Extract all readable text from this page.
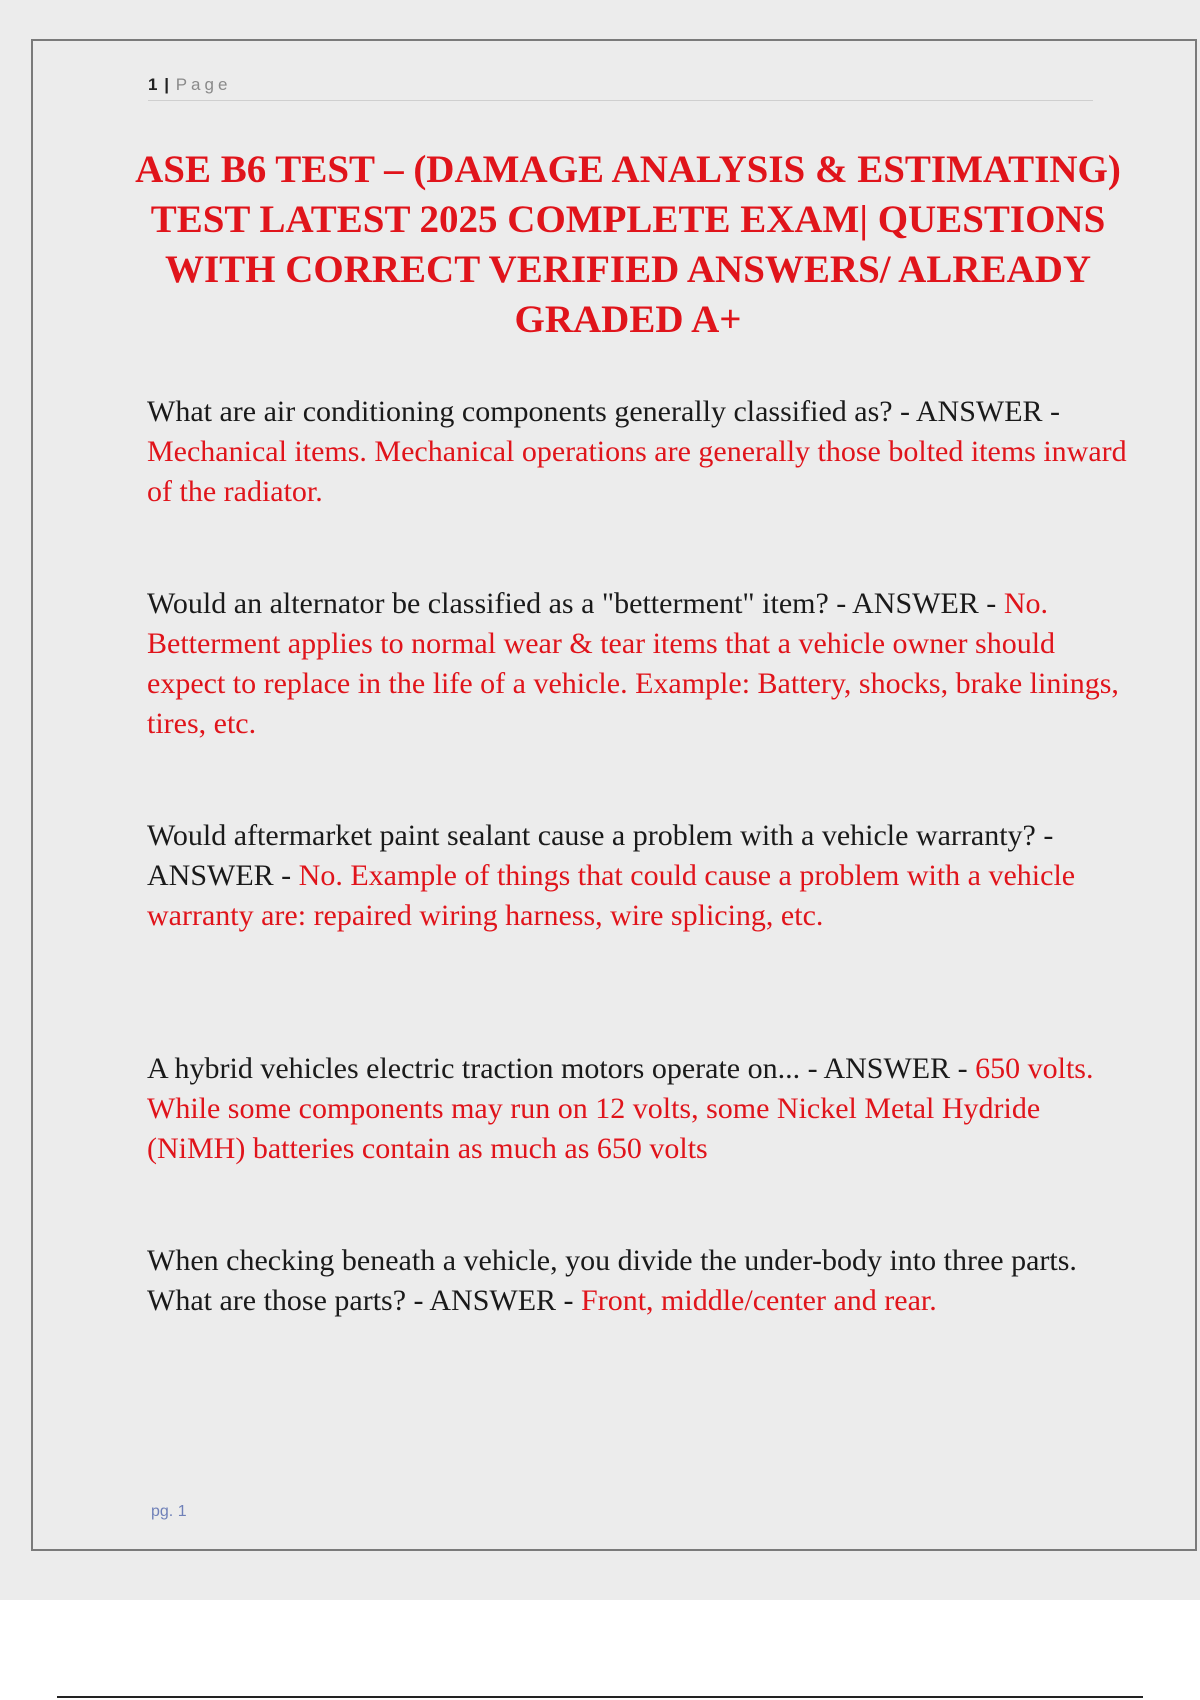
1 | Page
ASE B6 TEST – (DAMAGE ANALYSIS & ESTIMATING) TEST LATEST 2025 COMPLETE EXAM| QUESTIONS WITH CORRECT VERIFIED ANSWERS/ ALREADY GRADED A+

What are air conditioning components generally classified as? - ANSWER - Mechanical items. Mechanical operations are generally those bolted items inward of the radiator.

Would an alternator be classified as a "betterment" item? - ANSWER - No. Betterment applies to normal wear & tear items that a vehicle owner should expect to replace in the life of a vehicle. Example: Battery, shocks, brake linings, tires, etc.

Would aftermarket paint sealant cause a problem with a vehicle warranty? - ANSWER - No. Example of things that could cause a problem with a vehicle warranty are: repaired wiring harness, wire splicing, etc.

A hybrid vehicles electric traction motors operate on... - ANSWER - 650 volts. While some components may run on 12 volts, some Nickel Metal Hydride (NiMH) batteries contain as much as 650 volts

When checking beneath a vehicle, you divide the under-body into three parts. What are those parts? - ANSWER - Front, middle/center and rear.

pg. 1
